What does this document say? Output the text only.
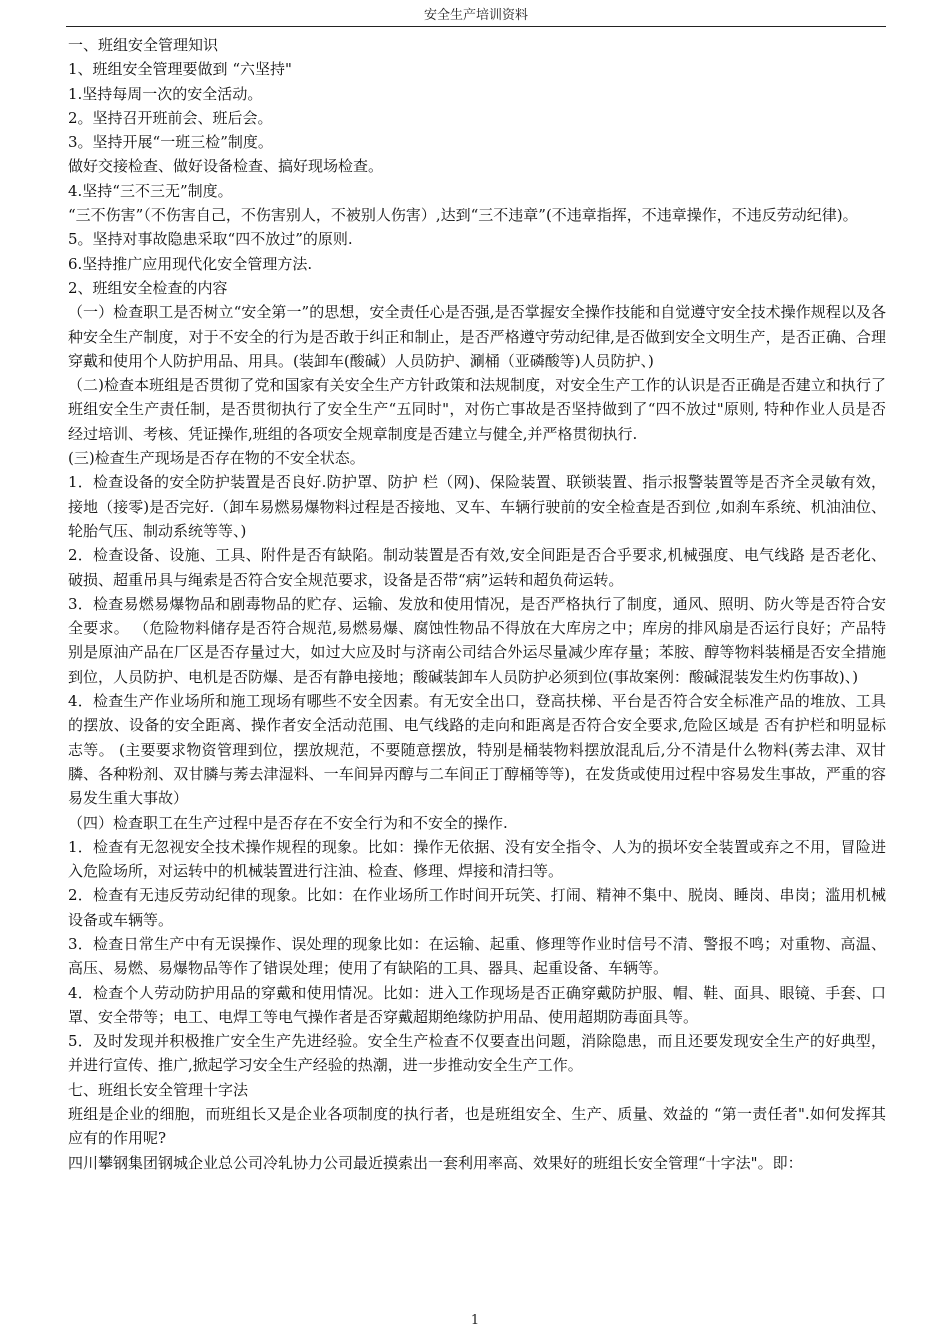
安全生产培训资料

一、班组安全管理知识

1、班组安全管理要做到 “六坚持"

1.坚持每周一次的安全活动。

2。坚持召开班前会、班后会。

3。坚持开展“一班三检”制度。

做好交接检查、做好设备检查、搞好现场检查。

4.坚持“三不三无”制度。

“三不伤害”（不伤害自己，不伤害别人，不被别人伤害）,达到“三不违章”(不违章指挥，不违章操作，不违反劳动纪律)。

5。坚持对事故隐患采取“四不放过”的原则.

6.坚持推广应用现代化安全管理方法.

2、班组安全检查的内容

（一）检查职工是否树立“安全第一”的思想，安全责任心是否强,是否掌握安全操作技能和自觉遵守安全技术操作规程以及各种安全生产制度，对于不安全的行为是否敢于纠正和制止，是否严格遵守劳动纪律,是否做到安全文明生产，是否正确、合理穿戴和使用个人防护用品、用具。(装卸车(酸碱）人员防护、涮桶（亚磷酸等)人员防护、)

（二)检查本班组是否贯彻了党和国家有关安全生产方针政策和法规制度，对安全生产工作的认识是否正确是否建立和执行了班组安全生产责任制，是否贯彻执行了安全生产“五同时"，对伤亡事故是否坚持做到了“四不放过"原则, 特种作业人员是否经过培训、考核、凭证操作,班组的各项安全规章制度是否建立与健全,并严格贯彻执行.

(三)检查生产现场是否存在物的不安全状态。

1．检查设备的安全防护装置是否良好.防护罩、防护 栏（网)、保险装置、联锁装置、指示报警装置等是否齐全灵敏有效，接地（接零)是否完好.（卸车易燃易爆物料过程是否接地、叉车、车辆行驶前的安全检查是否到位 ,如刹车系统、机油油位、轮胎气压、制动系统等等、)

2．检查设备、设施、工具、附件是否有缺陷。制动装置是否有效,安全间距是否合乎要求,机械强度、电气线路 是否老化、破损、超重吊具与绳索是否符合安全规范要求，设备是否带“病”运转和超负荷运转。

3．检查易燃易爆物品和剧毒物品的贮存、运输、发放和使用情况，是否严格执行了制度，通风、照明、防火等是否符合安全要求。 （危险物料储存是否符合规范,易燃易爆、腐蚀性物品不得放在大库房之中；库房的排风扇是否运行良好；产品特别是原油产品在厂区是否存量过大，如过大应及时与济南公司结合外运尽量减少库存量；苯胺、醇等物料装桶是否安全措施到位，人员防护、电机是否防爆、是否有静电接地；酸碱装卸车人员防护必须到位(事故案例：酸碱混装发生灼伤事故)、)

4．检查生产作业场所和施工现场有哪些不安全因素。有无安全出口，登高扶梯、平台是否符合安全标准产品的堆放、工具的摆放、设备的安全距离、操作者安全活动范围、电气线路的走向和距离是否符合安全要求,危险区域是 否有护栏和明显标志等。 (主要要求物资管理到位，摆放规范，不要随意摆放，特别是桶装物料摆放混乱后,分不清是什么物料(莠去津、双甘膦、各种粉剂、双甘膦与莠去津湿料、一车间异丙醇与二车间正丁醇桶等等)，在发货或使用过程中容易发生事故，严重的容易发生重大事故）

（四）检查职工在生产过程中是否存在不安全行为和不安全的操作.

1．检查有无忽视安全技术操作规程的现象。比如：操作无依据、没有安全指令、人为的损坏安全装置或弃之不用，冒险进入危险场所，对运转中的机械装置进行注油、检查、修理、焊接和清扫等。

2．检查有无违反劳动纪律的现象。比如：在作业场所工作时间开玩笑、打闹、精神不集中、脱岗、睡岗、串岗；滥用机械设备或车辆等。

3．检查日常生产中有无误操作、误处理的现象比如：在运输、起重、修理等作业时信号不清、警报不鸣；对重物、高温、高压、易燃、易爆物品等作了错误处理；使用了有缺陷的工具、器具、起重设备、车辆等。

4．检查个人劳动防护用品的穿戴和使用情况。比如：进入工作现场是否正确穿戴防护服、帽、鞋、面具、眼镜、手套、口罩、安全带等；电工、电焊工等电气操作者是否穿戴超期绝缘防护用品、使用超期防毒面具等。

5．及时发现并积极推广安全生产先进经验。安全生产检查不仅要查出问题，消除隐患，而且还要发现安全生产的好典型，并进行宣传、推广,掀起学习安全生产经验的热潮，进一步推动安全生产工作。

七、班组长安全管理十字法

班组是企业的细胞，而班组长又是企业各项制度的执行者，也是班组安全、生产、质量、效益的 “第一责任者".如何发挥其应有的作用呢?

四川攀钢集团钢城企业总公司冷轧协力公司最近摸索出一套利用率高、效果好的班组长安全管理“十字法"。即：

1
